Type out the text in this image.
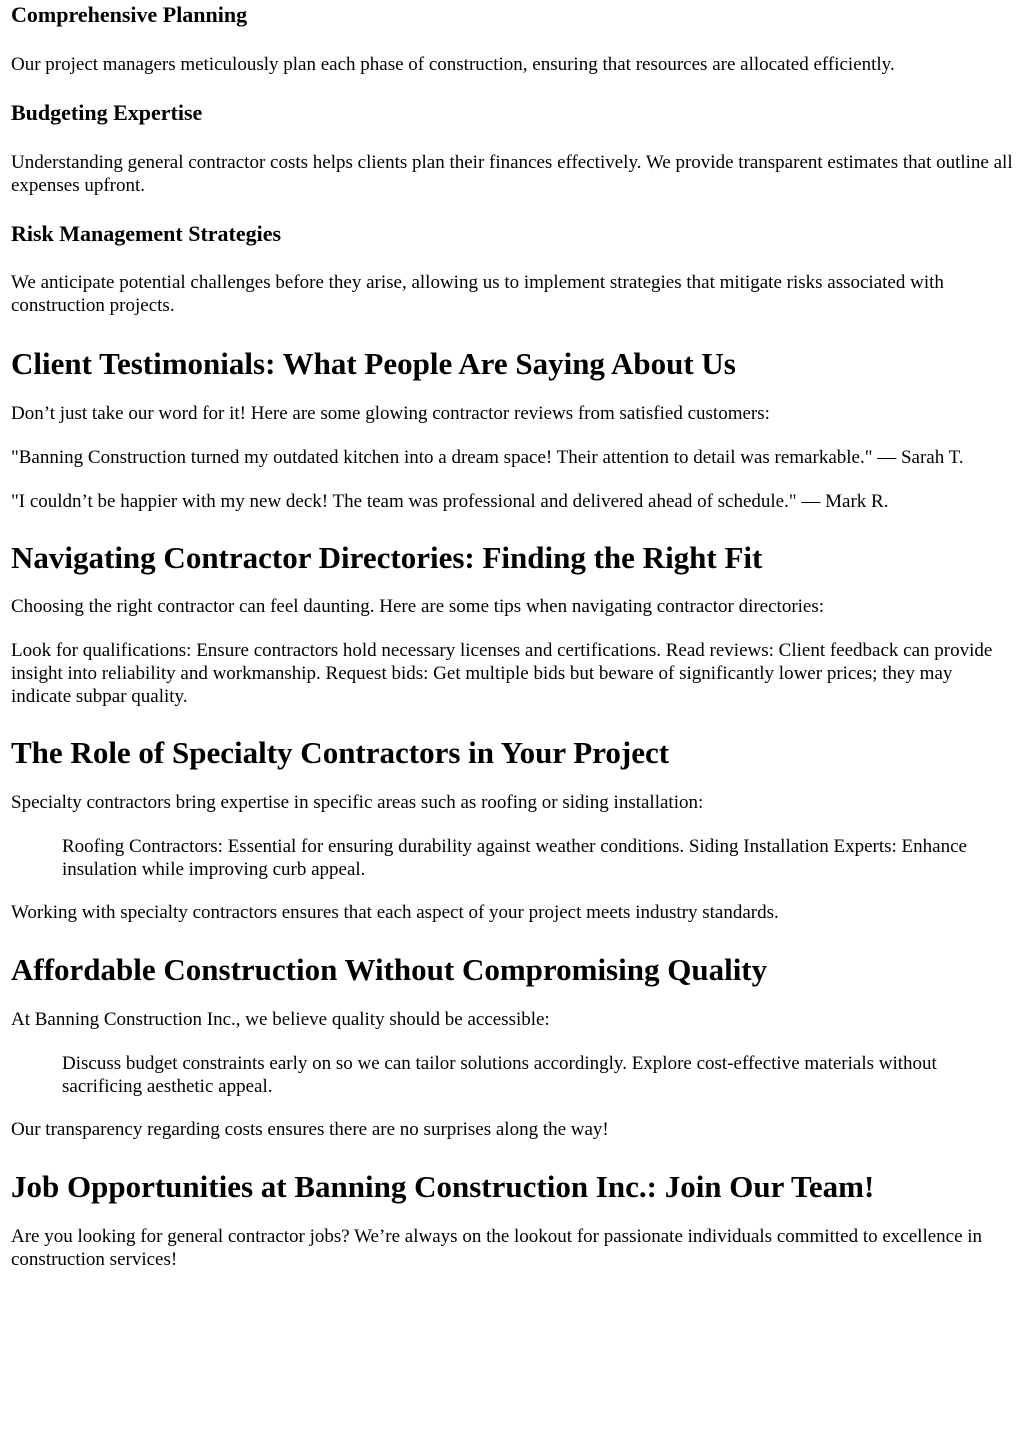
Comprehensive Planning

Our project managers meticulously plan each phase of construction, ensuring that resources are allocated efficiently.

Budgeting Expertise

Understanding general contractor costs helps clients plan their finances effectively. We provide transparent estimates that outline all expenses upfront.

Risk Management Strategies

We anticipate potential challenges before they arise, allowing us to implement strategies that mitigate risks associated with construction projects.

Client Testimonials: What People Are Saying About Us

Don’t just take our word for it! Here are some glowing contractor reviews from satisfied customers:

"Banning Construction turned my outdated kitchen into a dream space! Their attention to detail was remarkable." — Sarah T.

"I couldn’t be happier with my new deck! The team was professional and delivered ahead of schedule." — Mark R.

Navigating Contractor Directories: Finding the Right Fit

Choosing the right contractor can feel daunting. Here are some tips when navigating contractor directories:

Look for qualifications: Ensure contractors hold necessary licenses and certifications. Read reviews: Client feedback can provide insight into reliability and workmanship. Request bids: Get multiple bids but beware of significantly lower prices; they may indicate subpar quality.

The Role of Specialty Contractors in Your Project

Specialty contractors bring expertise in specific areas such as roofing or siding installation:

Roofing Contractors: Essential for ensuring durability against weather conditions. Siding Installation Experts: Enhance insulation while improving curb appeal.

Working with specialty contractors ensures that each aspect of your project meets industry standards.

Affordable Construction Without Compromising Quality

At Banning Construction Inc., we believe quality should be accessible:

Discuss budget constraints early on so we can tailor solutions accordingly. Explore cost-effective materials without sacrificing aesthetic appeal.

Our transparency regarding costs ensures there are no surprises along the way!

Job Opportunities at Banning Construction Inc.: Join Our Team!

Are you looking for general contractor jobs? We’re always on the lookout for passionate individuals committed to excellence in construction services!
